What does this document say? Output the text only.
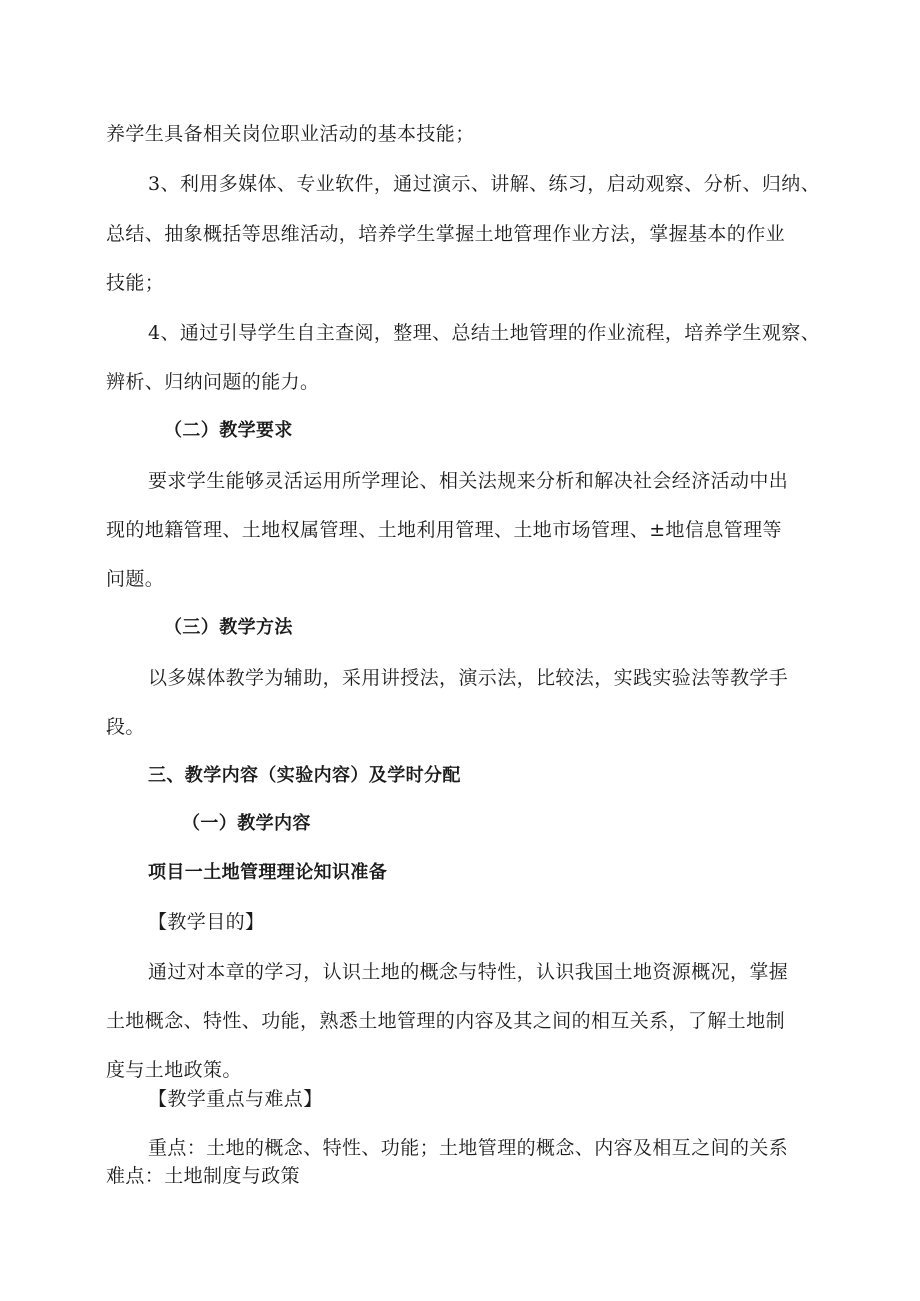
养学生具备相关岗位职业活动的基本技能；
3、利用多媒体、专业软件，通过演示、讲解、练习，启动观察、分析、归纳、
总结、抽象概括等思维活动，培养学生掌握土地管理作业方法，掌握基本的作业
技能；
4、通过引导学生自主查阅，整理、总结土地管理的作业流程，培养学生观察、
辨析、归纳问题的能力。
（二）教学要求
要求学生能够灵活运用所学理论、相关法规来分析和解决社会经济活动中出
现的地籍管理、土地权属管理、土地利用管理、土地市场管理、±地信息管理等
问题。
（三）教学方法
以多媒体教学为辅助，采用讲授法，演示法，比较法，实践实验法等教学手
段。
三、教学内容（实验内容）及学时分配
（一）教学内容
项目一土地管理理论知识准备
【教学目的】
通过对本章的学习，认识土地的概念与特性，认识我国土地资源概况，掌握
土地概念、特性、功能，熟悉土地管理的内容及其之间的相互关系，了解土地制
度与土地政策。
【教学重点与难点】
重点：土地的概念、特性、功能；土地管理的概念、内容及相互之间的关系
难点：土地制度与政策
